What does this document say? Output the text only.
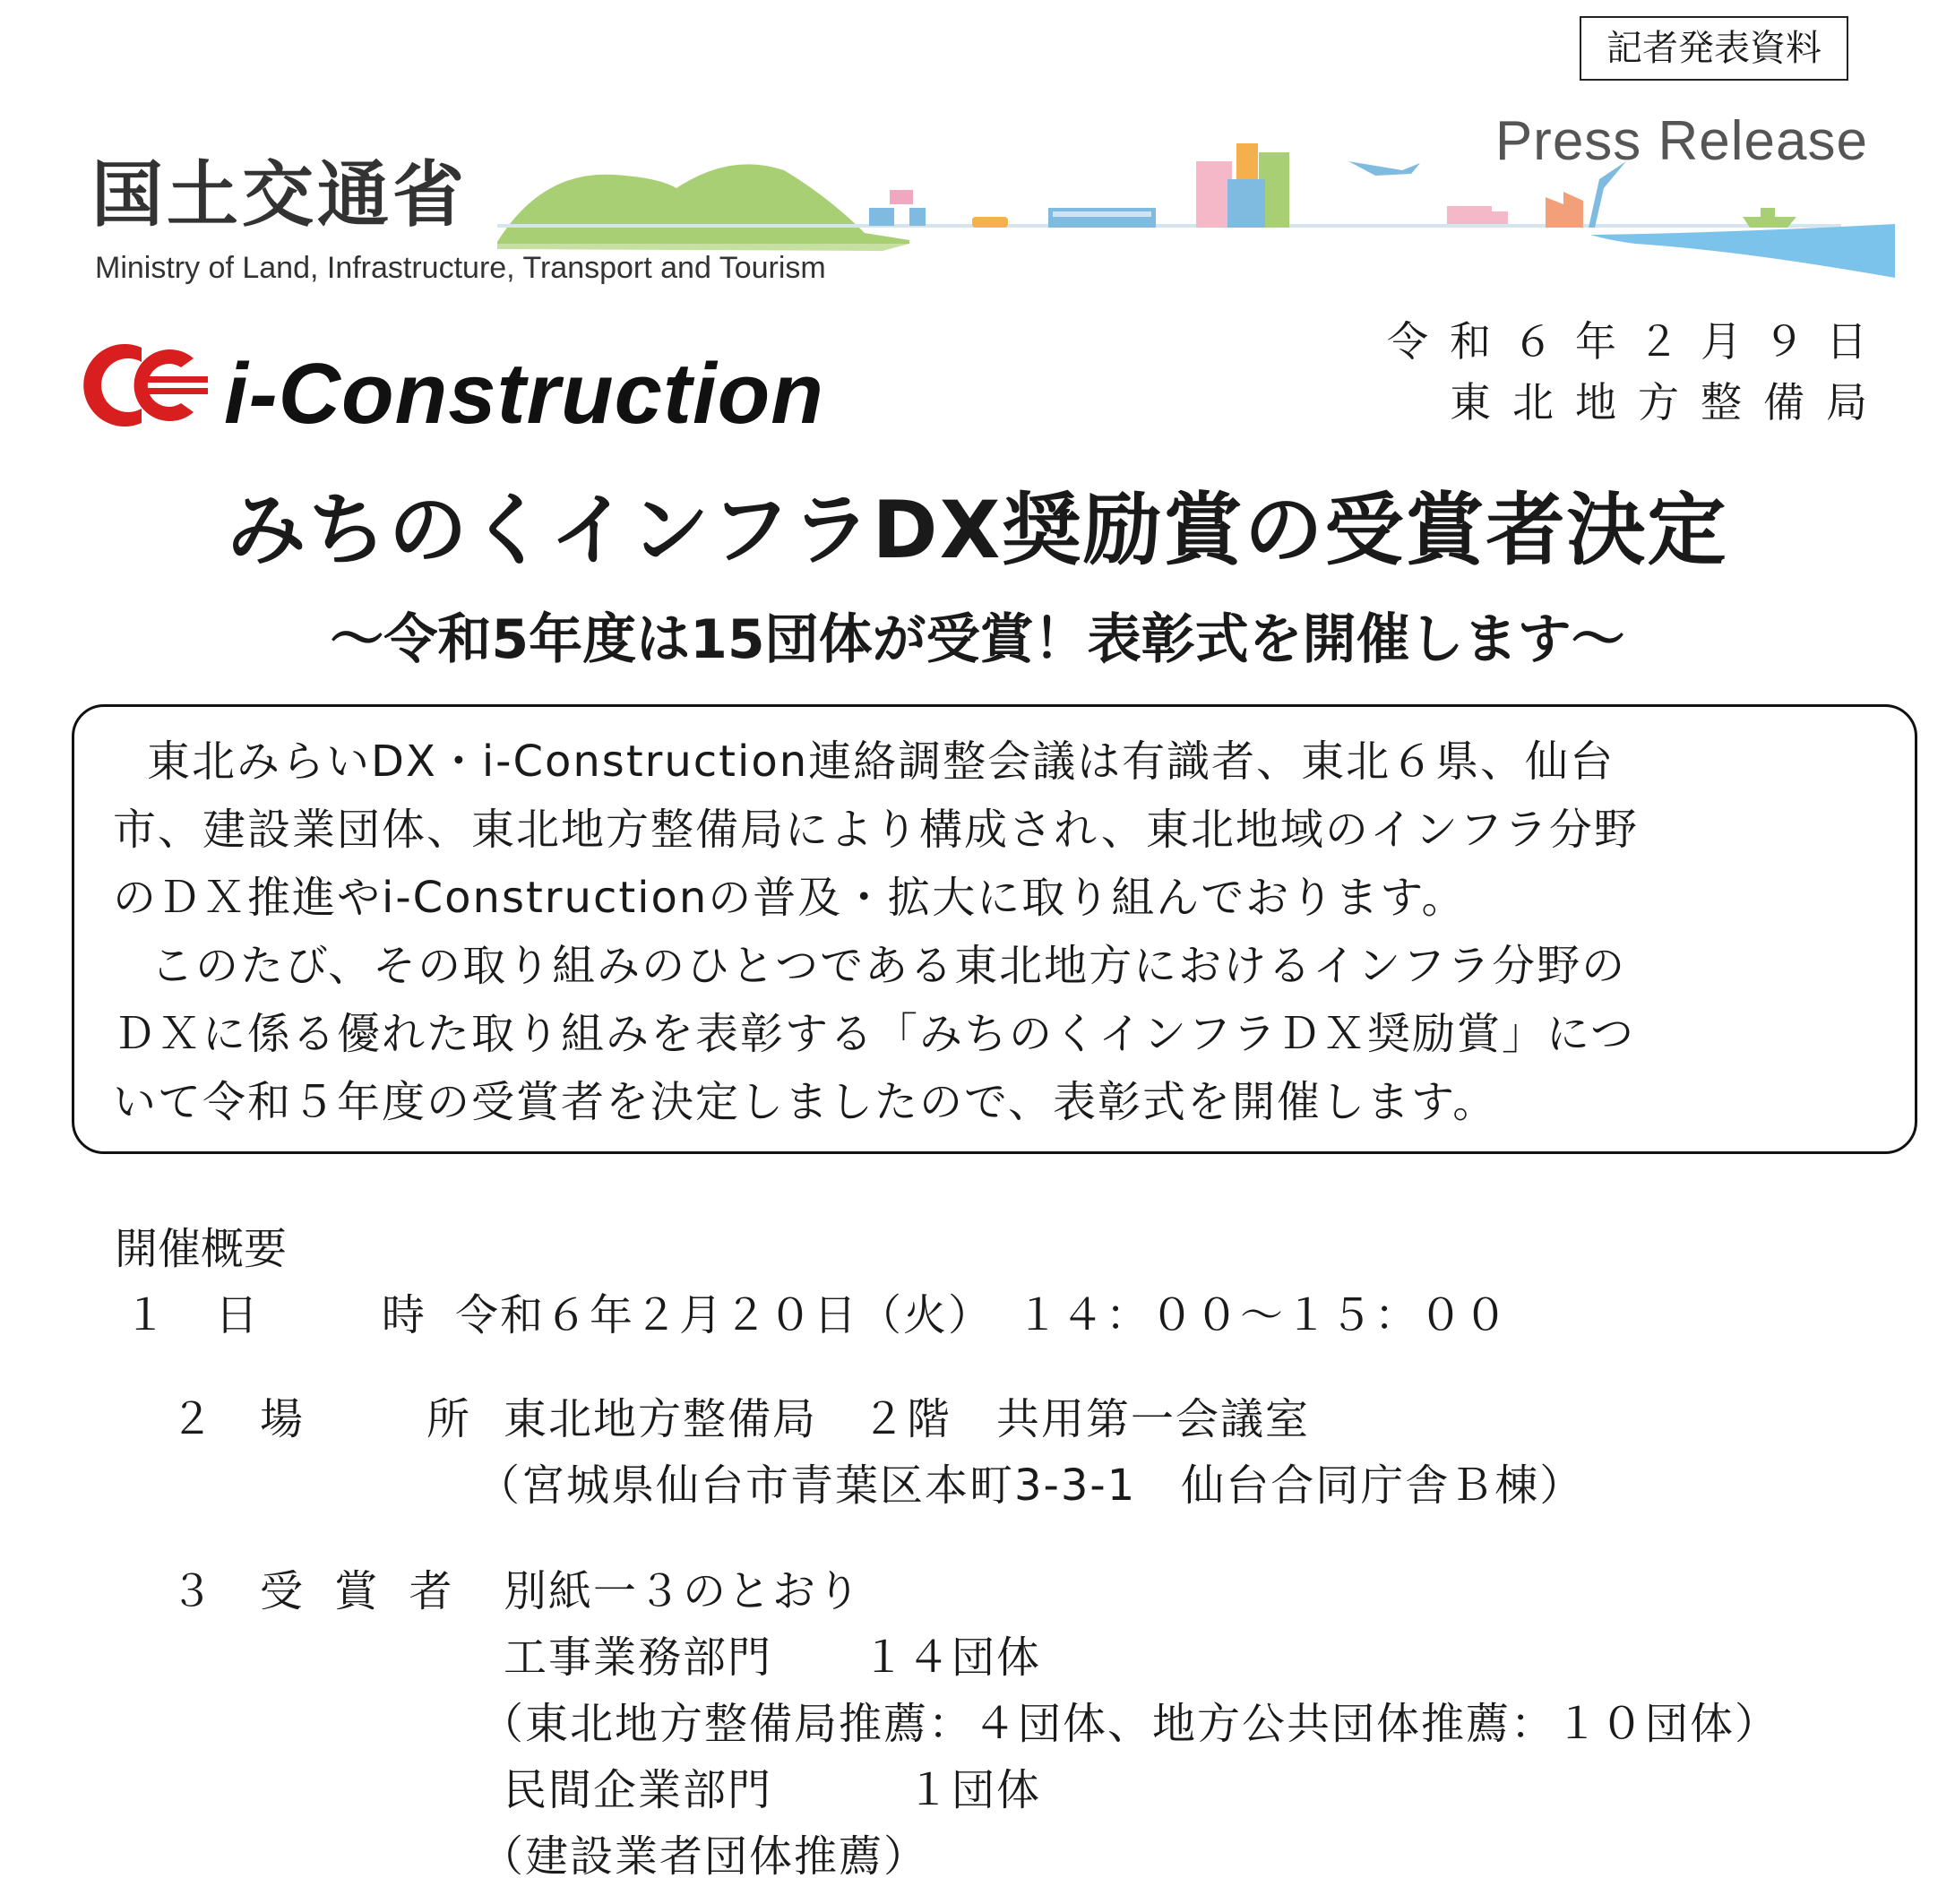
記者発表資料
Press Release
国土交通省
Ministry of Land, Infrastructure, Transport and Tourism
i-Construction
令和６年２月９日
東北地方整備局
みちのくインフラDX奨励賞の受賞者決定
～令和5年度は15団体が受賞！表彰式を開催します～
東北みらいDX・i-Construction連絡調整会議は有識者、東北６県、仙台
市、建設業団体、東北地方整備局により構成され、東北地域のインフラ分野
のＤＸ推進やi-Constructionの普及・拡大に取り組んでおります。
このたび、その取り組みのひとつである東北地方におけるインフラ分野の
ＤＸに係る優れた取り組みを表彰する「みちのくインフラＤＸ奨励賞」につ
いて令和５年度の受賞者を決定しましたので、表彰式を開催します。
開催概要
１ 日　　時 令和６年２月２０日（火）　１４：００～１５：００
２ 場　　所 東北地方整備局　２階　共用第一会議室
（宮城県仙台市青葉区本町3-3-1　仙台合同庁舎Ｂ棟）
３ 受 賞 者 別紙一３のとおり
工事業務部門　　１４団体
（東北地方整備局推薦：４団体、地方公共団体推薦：１０団体）
民間企業部門　　　１団体
（建設業者団体推薦）
